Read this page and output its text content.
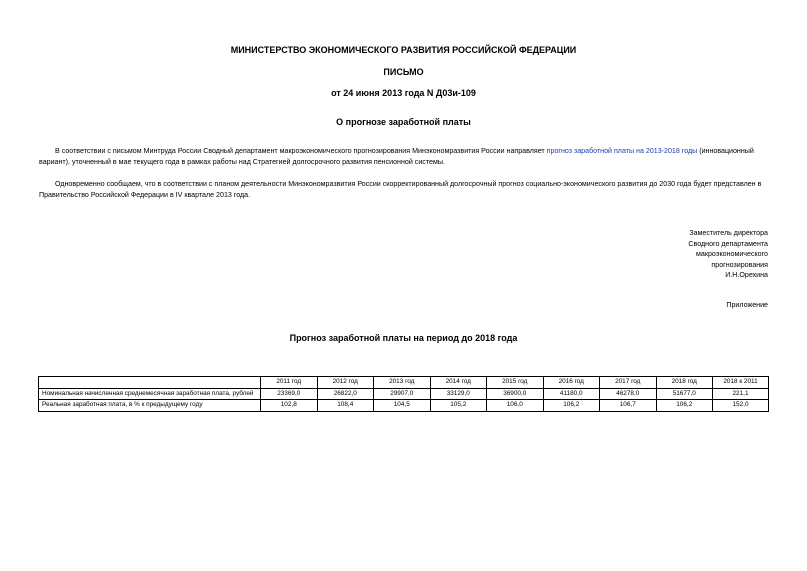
МИНИСТЕРСТВО ЭКОНОМИЧЕСКОГО РАЗВИТИЯ РОССИЙСКОЙ ФЕДЕРАЦИИ
ПИСЬМО
от 24 июня 2013 года N Д03и-109
О прогнозе заработной платы
В соответствии с письмом Минтруда России Сводный департамент макроэкономического прогнозирования Минэкономразвития России направляет прогноз заработной платы на 2013-2018 годы (инновационный вариант), уточненный в мае текущего года в рамках работы над Стратегией долгосрочного развития пенсионной системы.
Одновременно сообщаем, что в соответствии с планом деятельности Минэкономразвития России скорректированный долгосрочный прогноз социально-экономического развития до 2030 года будет представлен в Правительство Российской Федерации в IV квартале 2013 года.
Заместитель директора
Сводного департамента
макроэкономического
прогнозирования
И.Н.Орехина
Приложение
Прогноз заработной платы на период до 2018 года
	2011 год	2012 год	2013 год	2014 год	2015 год	2016 год	2017 год	2018 год	2018 к 2011
Номинальная начисленная среднемесячная заработная плата, рублей	23369,0	26822,0	29907,0	33129,0	36900,0	41180,0	46278,0	51677,0	221,1
Реальная заработная плата, в % к предыдущему году	102,8	108,4	104,5	105,2	106,0	106,2	106,7	106,2	152,0
